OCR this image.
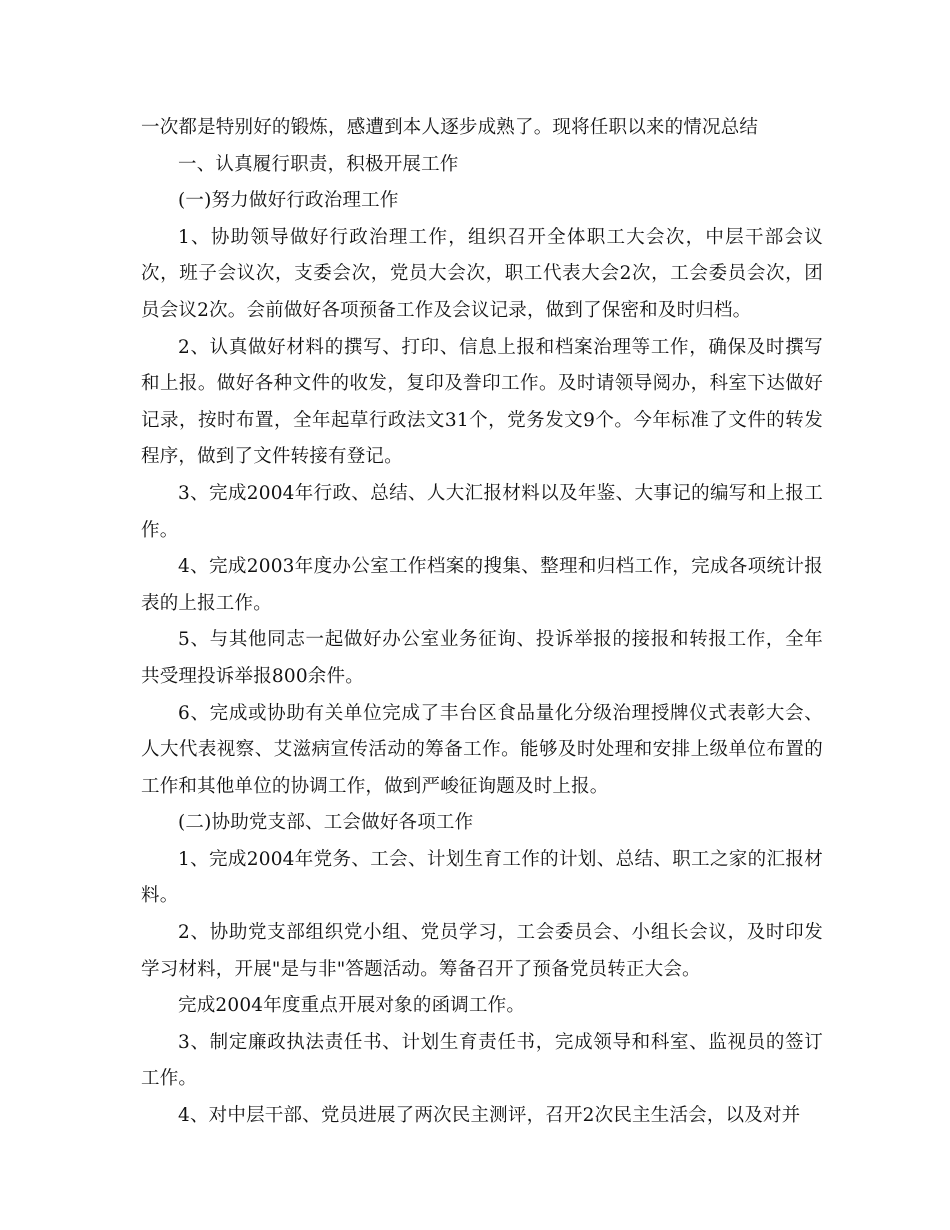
一次都是特别好的锻炼，感遭到本人逐步成熟了。现将任职以来的情况总结

一、认真履行职责，积极开展工作

(一)努力做好行政治理工作

1、协助领导做好行政治理工作，组织召开全体职工大会次，中层干部会议次，班子会议次，支委会次，党员大会次，职工代表大会2次，工会委员会次，团员会议2次。会前做好各项预备工作及会议记录，做到了保密和及时归档。

2、认真做好材料的撰写、打印、信息上报和档案治理等工作，确保及时撰写和上报。做好各种文件的收发，复印及誊印工作。及时请领导阅办，科室下达做好记录，按时布置，全年起草行政法文31个，党务发文9个。今年标准了文件的转发程序，做到了文件转接有登记。

3、完成2004年行政、总结、人大汇报材料以及年鉴、大事记的编写和上报工作。

4、完成2003年度办公室工作档案的搜集、整理和归档工作，完成各项统计报表的上报工作。

5、与其他同志一起做好办公室业务征询、投诉举报的接报和转报工作，全年共受理投诉举报800余件。

6、完成或协助有关单位完成了丰台区食品量化分级治理授牌仪式表彰大会、人大代表视察、艾滋病宣传活动的筹备工作。能够及时处理和安排上级单位布置的工作和其他单位的协调工作，做到严峻征询题及时上报。

(二)协助党支部、工会做好各项工作

1、完成2004年党务、工会、计划生育工作的计划、总结、职工之家的汇报材料。

2、协助党支部组织党小组、党员学习，工会委员会、小组长会议，及时印发学习材料，开展"是与非"答题活动。筹备召开了预备党员转正大会。

完成2004年度重点开展对象的函调工作。

3、制定廉政执法责任书、计划生育责任书，完成领导和科室、监视员的签订工作。

4、对中层干部、党员进展了两次民主测评，召开2次民主生活会，以及对并
